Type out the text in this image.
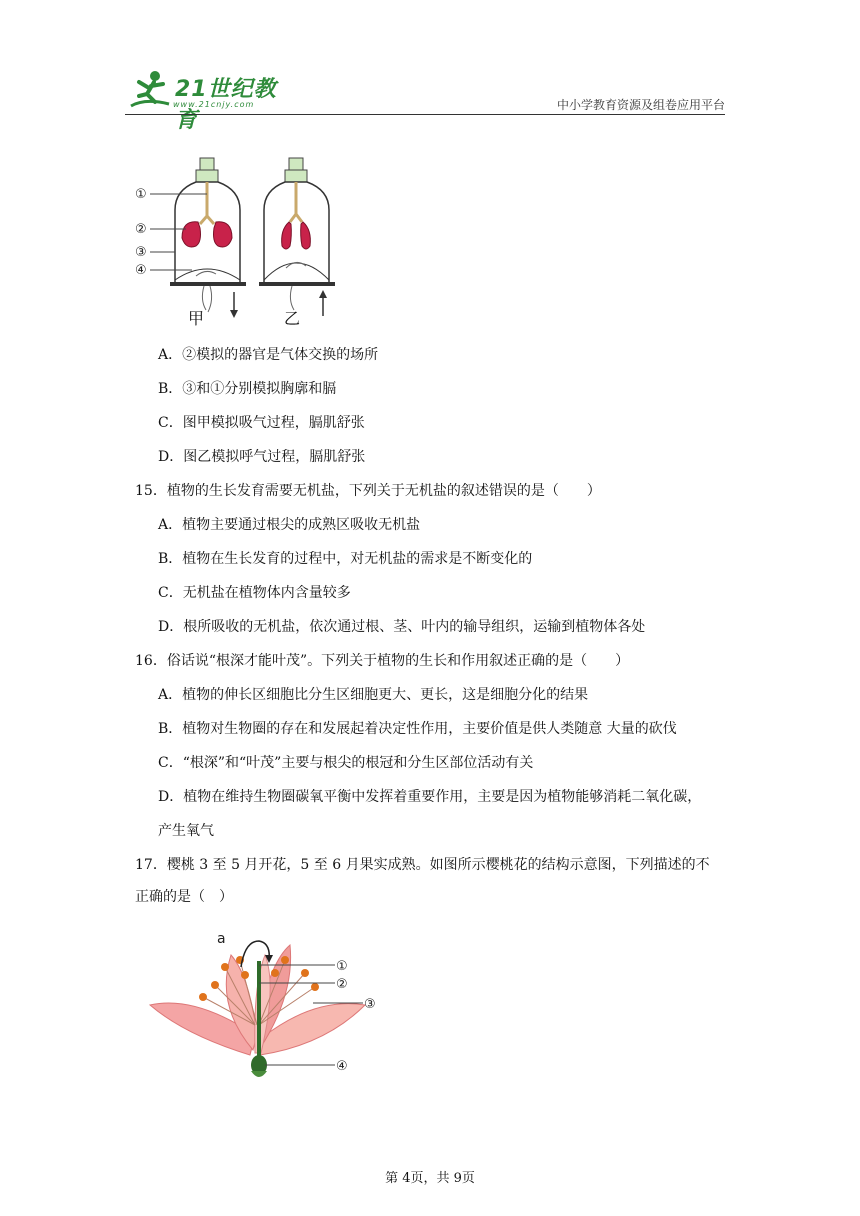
21世纪教育
www.21cnjy.com	中小学教育资源及组卷应用平台
①
②
③
④
甲	乙
A．②模拟的器官是气体交换的场所
B．③和①分别模拟胸廓和膈
C．图甲模拟吸气过程，膈肌舒张
D．图乙模拟呼气过程，膈肌舒张
15．植物的生长发育需要无机盐，下列关于无机盐的叙述错误的是（　　）
A．植物主要通过根尖的成熟区吸收无机盐
B．植物在生长发育的过程中，对无机盐的需求是不断变化的
C．无机盐在植物体内含量较多
D．根所吸收的无机盐，依次通过根、茎、叶内的输导组织，运输到植物体各处
16．俗话说“根深才能叶茂”。下列关于植物的生长和作用叙述正确的是（　　）
A．植物的伸长区细胞比分生区细胞更大、更长，这是细胞分化的结果
B．植物对生物圈的存在和发展起着决定性作用，主要价值是供人类随意 大量的砍伐
C．“根深”和“叶茂”主要与根尖的根冠和分生区部位活动有关
D．植物在维持生物圈碳氧平衡中发挥着重要作用，主要是因为植物能够消耗二氧化碳，
产生氧气
17．樱桃 3 至 5 月开花，5 至 6 月果实成熟。如图所示樱桃花的结构示意图，下列描述的不
正确的是（　）
a
①
②
③
④
第 4页，共 9页
